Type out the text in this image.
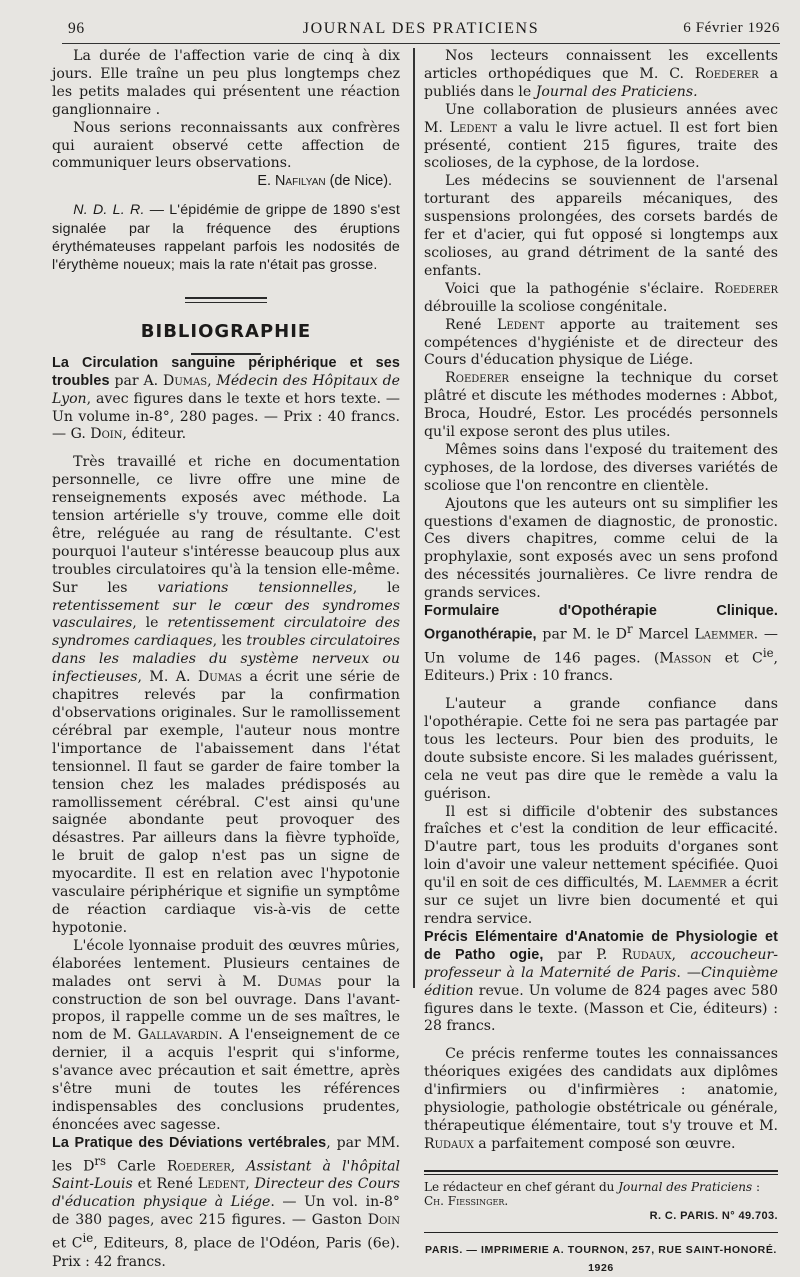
96	JOURNAL DES PRATICIENS	6 Février 1926

La durée de l'affection varie de cinq à dix jours. Elle traîne un peu plus longtemps chez les petits malades qui présentent une réaction ganglionnaire .

Nous serions reconnaissants aux confrères qui auraient observé cette affection de communiquer leurs observations.

E. Nafilyan (de Nice).

N. D. L. R. — L'épidémie de grippe de 1890 s'est signalée par la fréquence des éruptions érythémateuses rappelant parfois les nodosités de l'érythème noueux; mais la rate n'était pas grosse.

BIBLIOGRAPHIE

La Circulation sanguine périphérique et ses troubles par A. Dumas, Médecin des Hôpitaux de Lyon, avec figures dans le texte et hors texte. — Un volume in-8°, 280 pages. — Prix : 40 francs. — G. Doin, éditeur.

Très travaillé et riche en documentation personnelle, ce livre offre une mine de renseignements exposés avec méthode. La tension artérielle s'y trouve, comme elle doit être, reléguée au rang de résultante. C'est pourquoi l'auteur s'intéresse beaucoup plus aux troubles circulatoires qu'à la tension elle-même. Sur les variations tensionnelles, le retentissement sur le cœur des syndromes vasculaires, le retentissement circulatoire des syndromes cardiaques, les troubles circulatoires dans les maladies du système nerveux ou infectieuses, M. A. Dumas a écrit une série de chapitres relevés par la confirmation d'observations originales. Sur le ramollissement cérébral par exemple, l'auteur nous montre l'importance de l'abaissement dans l'état tensionnel. Il faut se garder de faire tomber la tension chez les malades prédisposés au ramollissement cérébral. C'est ainsi qu'une saignée abondante peut provoquer des désastres. Par ailleurs dans la fièvre typhoïde, le bruit de galop n'est pas un signe de myocardite. Il est en relation avec l'hypotonie vasculaire périphérique et signifie un symptôme de réaction cardiaque vis-à-vis de cette hypotonie.

L'école lyonnaise produit des œuvres mûries, élaborées lentement. Plusieurs centaines de malades ont servi à M. Dumas pour la construction de son bel ouvrage. Dans l'avant-propos, il rappelle comme un de ses maîtres, le nom de M. Gallavardin. A l'enseignement de ce dernier, il a acquis l'esprit qui s'informe, s'avance avec précaution et sait émettre, après s'être muni de toutes les références indispensables des conclusions prudentes, énoncées avec sagesse.

La Pratique des Déviations vertébrales, par MM. les $D^{rs}$ Carle Roederer, Assistant à l'hôpital Saint-Louis et René Ledent, Directeur des Cours d'éducation physique à Liége. — Un vol. in-8° de 380 pages, avec 215 figures. — Gaston Doin et $C^{ie}$, Editeurs, 8, place de l'Odéon, Paris (6e). Prix : 42 francs.

Nos lecteurs connaissent les excellents articles orthopédiques que M. C. Roederer a publiés dans le Journal des Praticiens.

Une collaboration de plusieurs années avec M. Ledent a valu le livre actuel. Il est fort bien présenté, contient 215 figures, traite des scolioses, de la cyphose, de la lordose.

Les médecins se souviennent de l'arsenal torturant des appareils mécaniques, des suspensions prolongées, des corsets bardés de fer et d'acier, qui fut opposé si longtemps aux scolioses, au grand détriment de la santé des enfants.

Voici que la pathogénie s'éclaire. Roederer débrouille la scoliose congénitale.

René Ledent apporte au traitement ses compétences d'hygiéniste et de directeur des Cours d'éducation physique de Liége.

Roederer enseigne la technique du corset plâtré et discute les méthodes modernes : Abbot, Broca, Houdré, Estor. Les procédés personnels qu'il expose seront des plus utiles.

Mêmes soins dans l'exposé du traitement des cyphoses, de la lordose, des diverses variétés de scoliose que l'on rencontre en clientèle.

Ajoutons que les auteurs ont su simplifier les questions d'examen de diagnostic, de pronostic. Ces divers chapitres, comme celui de la prophylaxie, sont exposés avec un sens profond des nécessités journalières. Ce livre rendra de grands services.

Formulaire d'Opothérapie Clinique. Organothérapie, par M. le $D^r$ Marcel Laemmer. — Un volume de 146 pages. (Masson et $C^{ie}$, Editeurs.) Prix : 10 francs.

L'auteur a grande confiance dans l'opothérapie. Cette foi ne sera pas partagée par tous les lecteurs. Pour bien des produits, le doute subsiste encore. Si les malades guérissent, cela ne veut pas dire que le remède a valu la guérison.

Il est si difficile d'obtenir des substances fraîches et c'est la condition de leur efficacité. D'autre part, tous les produits d'organes sont loin d'avoir une valeur nettement spécifiée. Quoi qu'il en soit de ces difficultés, M. Laemmer a écrit sur ce sujet un livre bien documenté et qui rendra service.

Précis Elémentaire d'Anatomie de Physiologie et de Patho ogie, par P. Rudaux, accoucheur-professeur à la Maternité de Paris. —Cinquième édition revue. Un volume de 824 pages avec 580 figures dans le texte. (Masson et Cie, éditeurs) : 28 francs.

Ce précis renferme toutes les connaissances théoriques exigées des candidats aux diplômes d'infirmiers ou d'infirmières : anatomie, physiologie, pathologie obstétricale ou générale, thérapeutique élémentaire, tout s'y trouve et M. Rudaux a parfaitement composé son œuvre.

Le rédacteur en chef gérant du Journal des Praticiens : Ch. Fiessinger.
R. C. PARIS. N° 49.703.
PARIS. — IMPRIMERIE A. TOURNON, 257, RUE SAINT-HONORÉ. 1926
